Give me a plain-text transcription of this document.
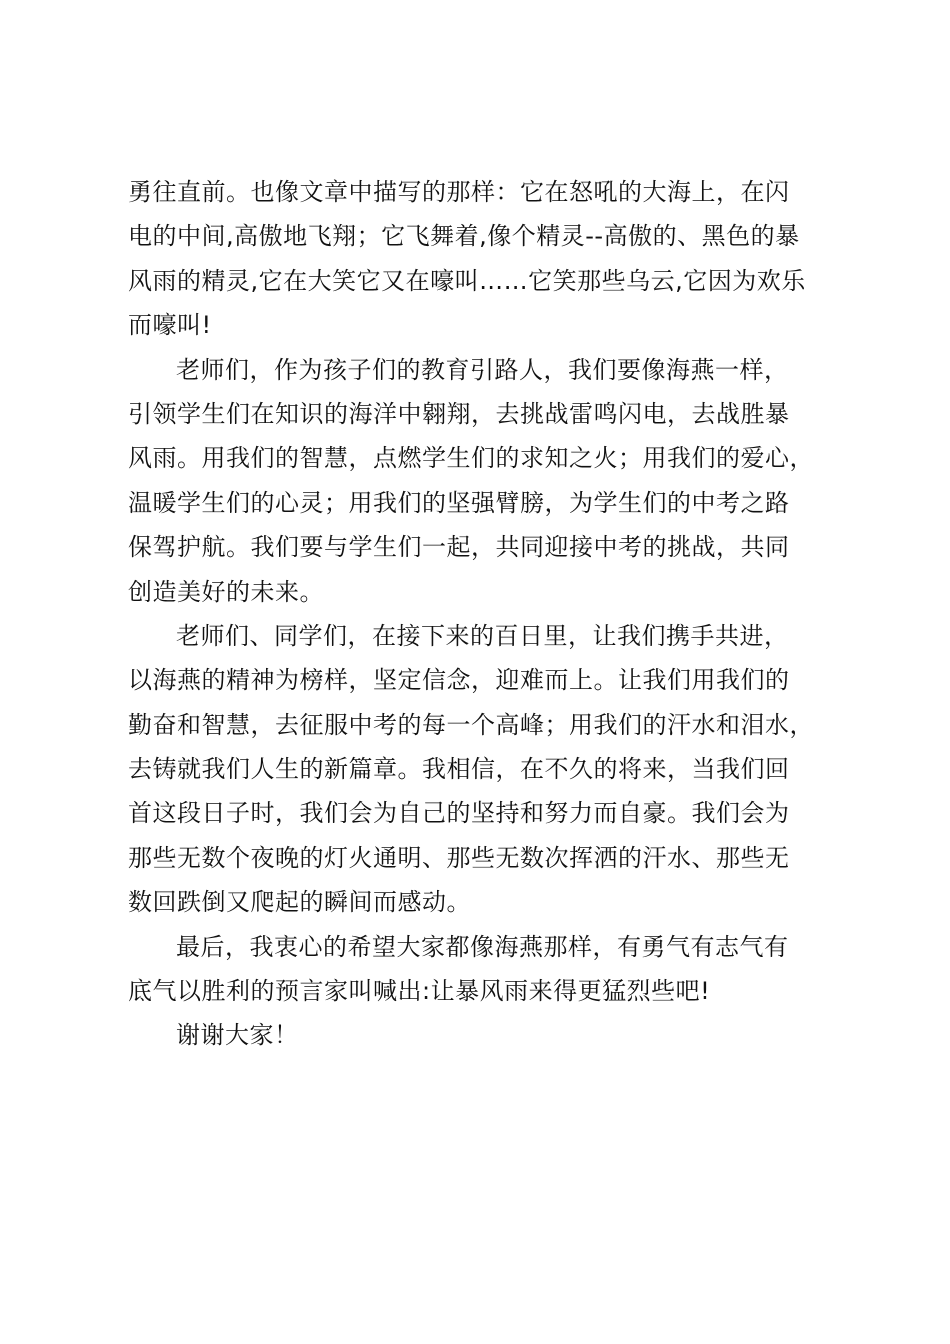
勇往直前。也像文章中描写的那样：它在怒吼的大海上，在闪
电的中间,高傲地飞翔；它飞舞着,像个精灵--高傲的、黑色的暴
风雨的精灵,它在大笑它又在嚎叫……它笑那些乌云,它因为欢乐
而嚎叫!
老师们，作为孩子们的教育引路人，我们要像海燕一样，
引领学生们在知识的海洋中翱翔，去挑战雷鸣闪电，去战胜暴
风雨。用我们的智慧，点燃学生们的求知之火；用我们的爱心，
温暖学生们的心灵；用我们的坚强臂膀，为学生们的中考之路
保驾护航。我们要与学生们一起，共同迎接中考的挑战，共同
创造美好的未来。
老师们、同学们，在接下来的百日里，让我们携手共进，
以海燕的精神为榜样，坚定信念，迎难而上。让我们用我们的
勤奋和智慧，去征服中考的每一个高峰；用我们的汗水和泪水，
去铸就我们人生的新篇章。我相信，在不久的将来，当我们回
首这段日子时，我们会为自己的坚持和努力而自豪。我们会为
那些无数个夜晚的灯火通明、那些无数次挥洒的汗水、那些无
数回跌倒又爬起的瞬间而感动。
最后，我衷心的希望大家都像海燕那样，有勇气有志气有
底气以胜利的预言家叫喊出:让暴风雨来得更猛烈些吧!
谢谢大家！
